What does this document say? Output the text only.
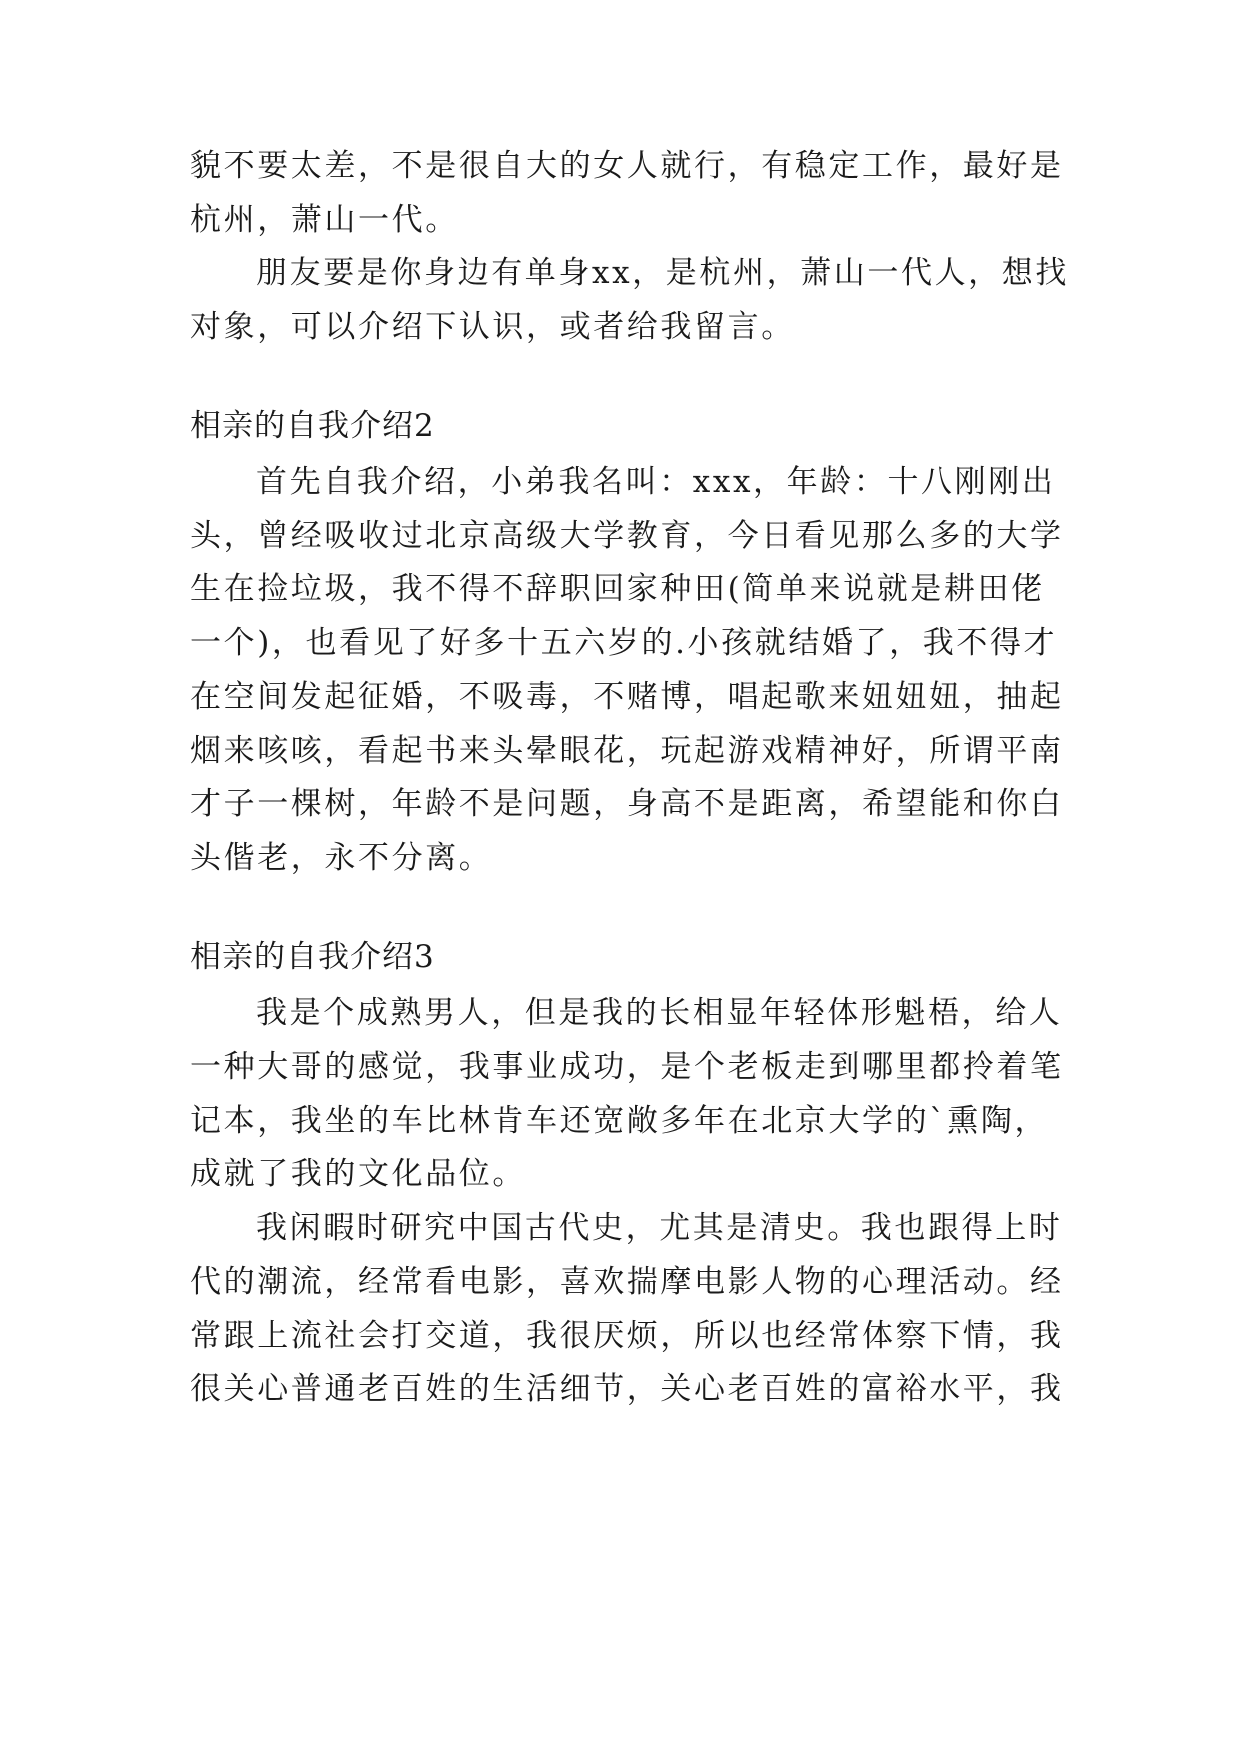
貌不要太差，不是很自大的女人就行，有稳定工作，最好是
杭州，萧山一代。
朋友要是你身边有单身xx，是杭州，萧山一代人，想找
对象，可以介绍下认识，或者给我留言。
相亲的自我介绍2
首先自我介绍，小弟我名叫：xxx，年龄：十八刚刚出
头，曾经吸收过北京高级大学教育，今日看见那么多的大学
生在捡垃圾，我不得不辞职回家种田(简单来说就是耕田佬
一个)，也看见了好多十五六岁的.小孩就结婚了，我不得才
在空间发起征婚，不吸毒，不赌博，唱起歌来妞妞妞，抽起
烟来咳咳，看起书来头晕眼花，玩起游戏精神好，所谓平南
才子一棵树，年龄不是问题，身高不是距离，希望能和你白
头偕老，永不分离。
相亲的自我介绍3
我是个成熟男人，但是我的长相显年轻体形魁梧，给人
一种大哥的感觉，我事业成功，是个老板走到哪里都拎着笔
记本，我坐的车比林肯车还宽敞多年在北京大学的`熏陶，
成就了我的文化品位。
我闲暇时研究中国古代史，尤其是清史。我也跟得上时
代的潮流，经常看电影，喜欢揣摩电影人物的心理活动。经
常跟上流社会打交道，我很厌烦，所以也经常体察下情，我
很关心普通老百姓的生活细节，关心老百姓的富裕水平，我
